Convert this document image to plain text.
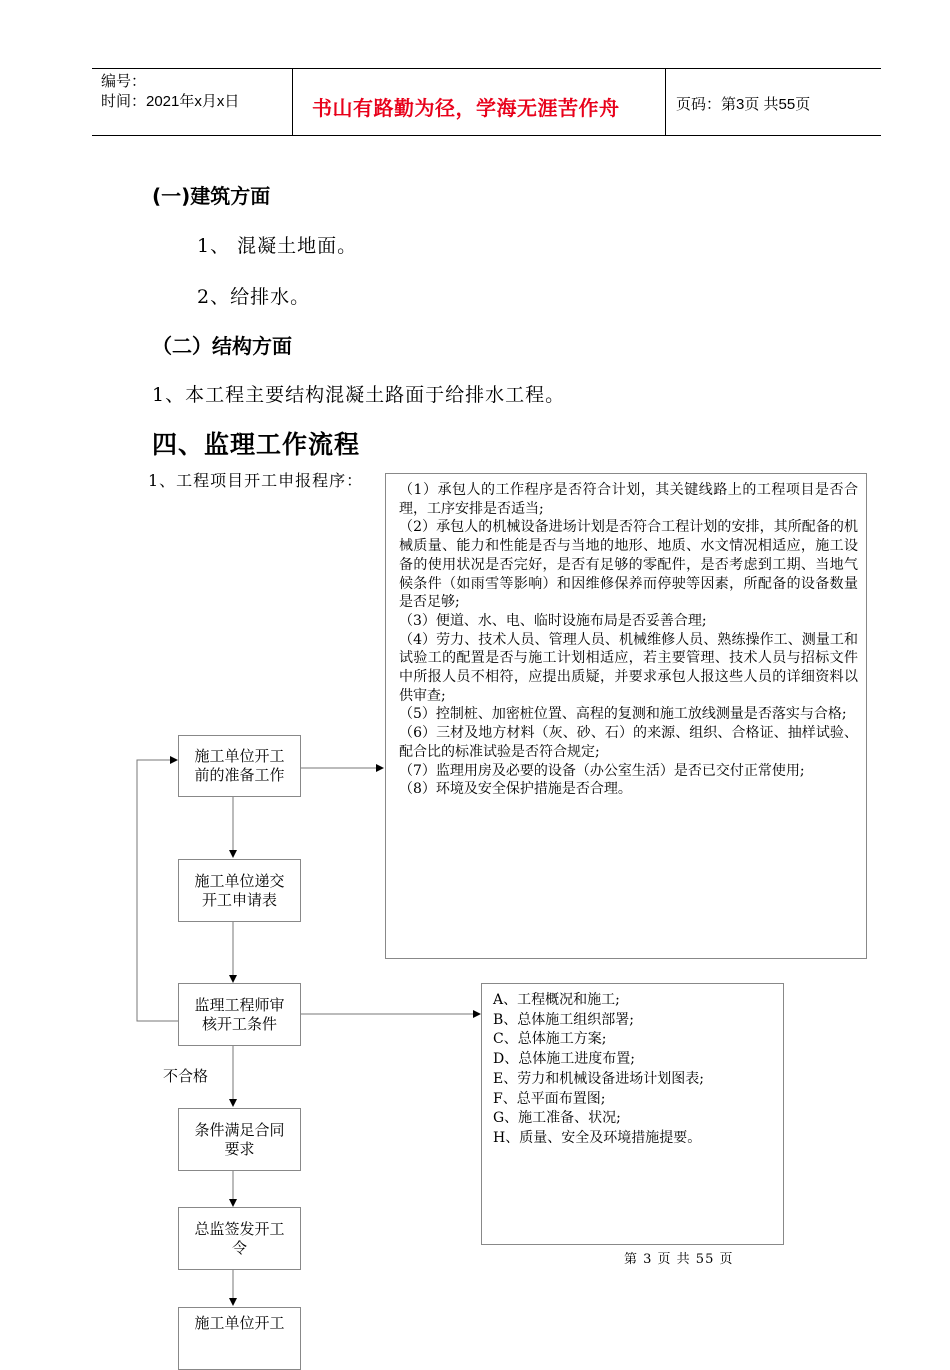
编号：
时间：2021年x月x日	书山有路勤为径，学海无涯苦作舟	页码：第3页 共55页
(一)建筑方面
1、 混凝土地面。
2、给排水。
（二）结构方面
1、本工程主要结构混凝土路面于给排水工程。
四、监理工作流程
1、工程项目开工申报程序：
施工单位开工前的准备工作
施工单位递交开工申请表
监理工程师审核开工条件
不合格
条件满足合同要求
总监签发开工令
施工单位开工

（1）承包人的工作程序是否符合计划，其关键线路上的工程项目是否合理，工序安排是否适当;

（2）承包人的机械设备进场计划是否符合工程计划的安排，其所配备的机械质量、能力和性能是否与当地的地形、地质、水文情况相适应，施工设备的使用状况是否完好，是否有足够的零配件，是否考虑到工期、当地气候条件（如雨雪等影响）和因维修保养而停驶等因素，所配备的设备数量是否足够;

（3）便道、水、电、临时设施布局是否妥善合理;

（4）劳力、技术人员、管理人员、机械维修人员、熟练操作工、测量工和试验工的配置是否与施工计划相适应，若主要管理、技术人员与招标文件中所报人员不相符，应提出质疑，并要求承包人报这些人员的详细资料以供审查;

（5）控制桩、加密桩位置、高程的复测和施工放线测量是否落实与合格;

（6）三材及地方材料（灰、砂、石）的来源、组织、合格证、抽样试验、配合比的标准试验是否符合规定;

（7）监理用房及必要的设备（办公室生活）是否已交付正常使用;

（8）环境及安全保护措施是否合理。

A、工程概况和施工;

B、总体施工组织部署;

C、总体施工方案;

D、总体施工进度布置;

E、劳力和机械设备进场计划图表;

F、总平面布置图;

G、施工准备、状况;

H、质量、安全及环境措施提要。

第 3 页 共 55 页
